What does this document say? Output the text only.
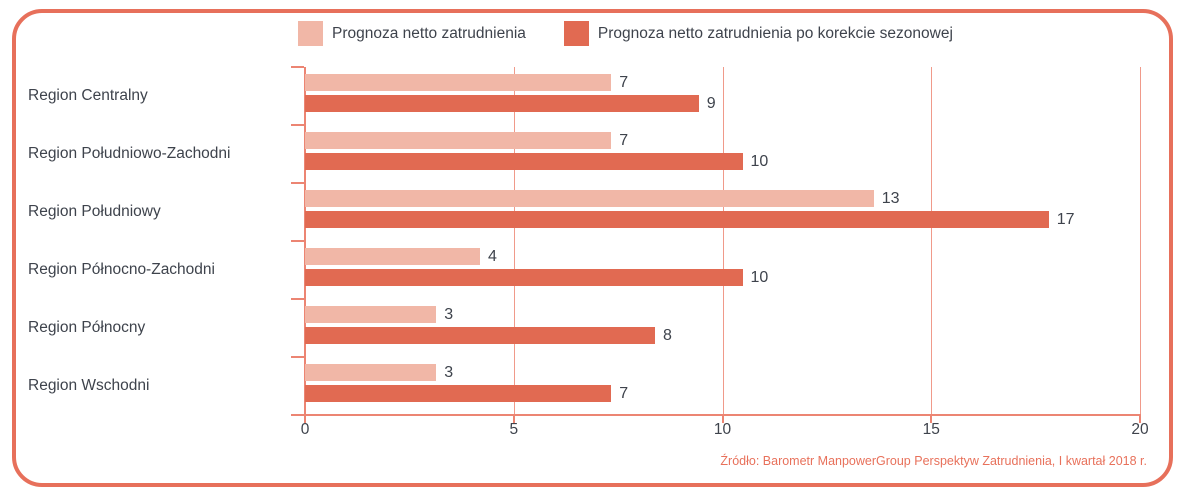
Prognoza netto zatrudnienia	Prognoza netto zatrudnienia po korekcie sezonowej
Region Centralny
Region Południowo-Zachodni
Region Południowy
Region Północno-Zachodni
Region Północny
Region Wschodni
7
9
7
10
13
17
4
10
3
8
3
7
0	5	10	15	20
Źródło: Barometr ManpowerGroup Perspektyw Zatrudnienia, I kwartał 2018 r.
